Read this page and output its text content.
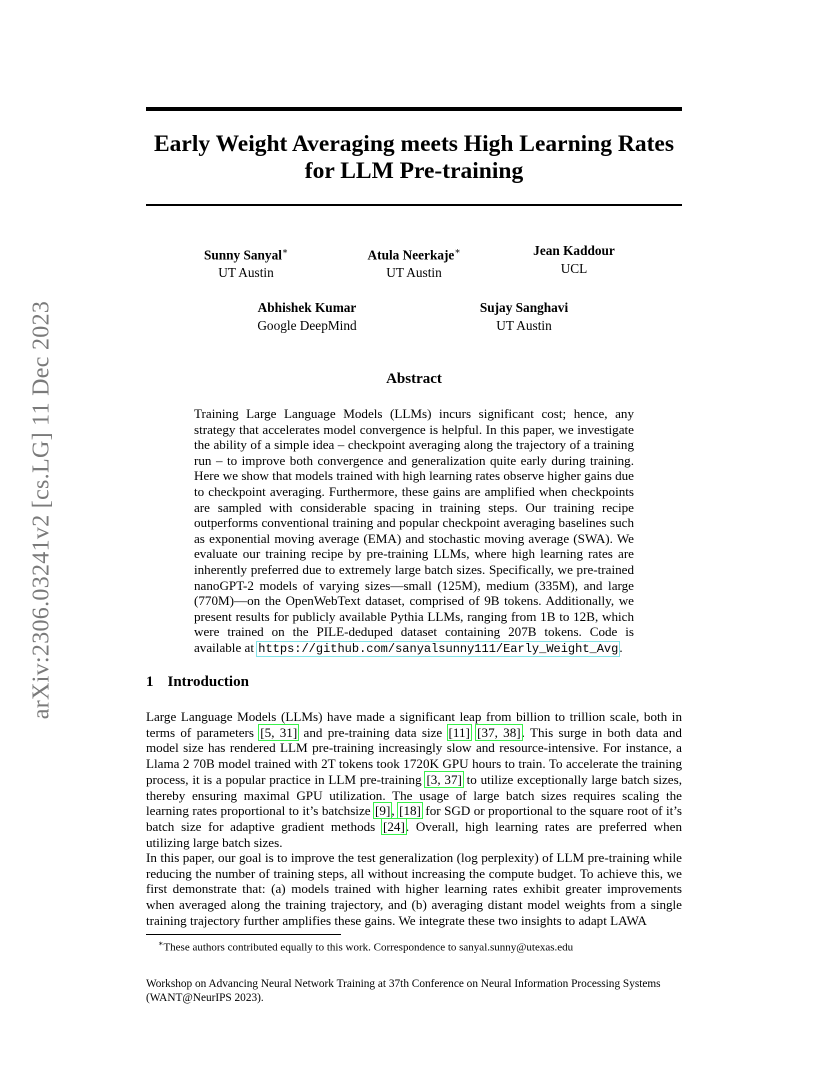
arXiv:2306.03241v2 [cs.LG] 11 Dec 2023
Early Weight Averaging meets High Learning Rates
for LLM Pre-training
Sunny Sanyal∗
UT Austin
Atula Neerkaje∗
UT Austin
Jean Kaddour
UCL
Abhishek Kumar
Google DeepMind
Sujay Sanghavi
UT Austin
Abstract
Training Large Language Models (LLMs) incurs significant cost; hence, any strategy that accelerates model convergence is helpful. In this paper, we investigate the ability of a simple idea – checkpoint averaging along the trajectory of a training run – to improve both convergence and generalization quite early during training. Here we show that models trained with high learning rates observe higher gains due to checkpoint averaging. Furthermore, these gains are amplified when checkpoints are sampled with considerable spacing in training steps. Our training recipe outperforms conventional training and popular checkpoint averaging baselines such as exponential moving average (EMA) and stochastic moving average (SWA). We evaluate our training recipe by pre-training LLMs, where high learning rates are inherently preferred due to extremely large batch sizes. Specifically, we pre-trained nanoGPT-2 models of varying sizes—small (125M), medium (335M), and large (770M)—on the OpenWebText dataset, comprised of 9B tokens. Additionally, we present results for publicly available Pythia LLMs, ranging from 1B to 12B, which were trained on the PILE-deduped dataset containing 207B tokens. Code is available at https://github.com/sanyalsunny111/Early_Weight_Avg.
1 Introduction
Large Language Models (LLMs) have made a significant leap from billion to trillion scale, both in terms of parameters [5, 31] and pre-training data size [11] [37, 38]. This surge in both data and model size has rendered LLM pre-training increasingly slow and resource-intensive. For instance, a Llama 2 70B model trained with 2T tokens took 1720K GPU hours to train. To accelerate the training process, it is a popular practice in LLM pre-training [3, 37] to utilize exceptionally large batch sizes, thereby ensuring maximal GPU utilization. The usage of large batch sizes requires scaling the learning rates proportional to it’s batchsize [9], [18] for SGD or proportional to the square root of it’s batch size for adaptive gradient methods [24]. Overall, high learning rates are preferred when utilizing large batch sizes.
In this paper, our goal is to improve the test generalization (log perplexity) of LLM pre-training while reducing the number of training steps, all without increasing the compute budget. To achieve this, we first demonstrate that: (a) models trained with higher learning rates exhibit greater improvements when averaged along the training trajectory, and (b) averaging distant model weights from a single training trajectory further amplifies these gains. We integrate these two insights to adapt LAWA
∗These authors contributed equally to this work. Correspondence to sanyal.sunny@utexas.edu
Workshop on Advancing Neural Network Training at 37th Conference on Neural Information Processing Systems
(WANT@NeurIPS 2023).
